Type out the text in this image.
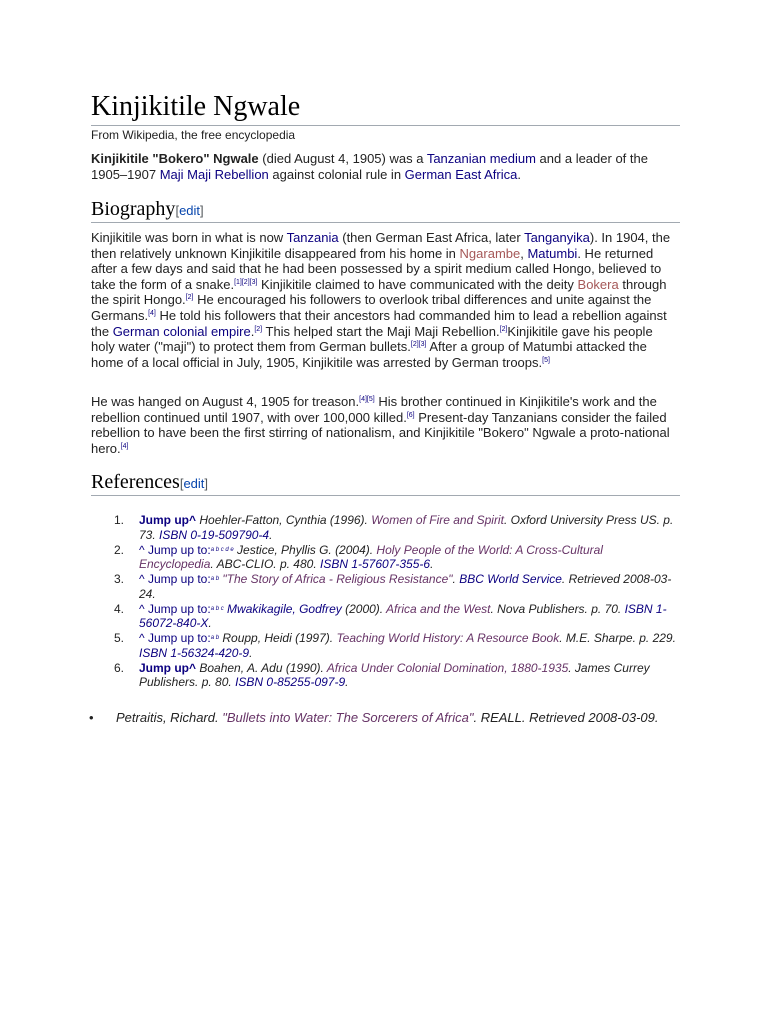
Kinjikitile Ngwale
From Wikipedia, the free encyclopedia

Kinjikitile "Bokero" Ngwale (died August 4, 1905) was a Tanzanian medium and a leader of the 1905–1907 Maji Maji Rebellion against colonial rule in German East Africa.

Biography[edit]

Kinjikitile was born in what is now Tanzania (then German East Africa, later Tanganyika). In 1904, the then relatively unknown Kinjikitile disappeared from his home in Ngarambe, Matumbi. He returned after a few days and said that he had been possessed by a spirit medium called Hongo, believed to take the form of a snake.[1][2][3] Kinjikitile claimed to have communicated with the deity Bokera through the spirit Hongo.[2] He encouraged his followers to overlook tribal differences and unite against the Germans.[4] He told his followers that their ancestors had commanded him to lead a rebellion against the German colonial empire.[2] This helped start the Maji Maji Rebellion.[2]Kinjikitile gave his people holy water ("maji") to protect them from German bullets.[2][3] After a group of Matumbi attacked the home of a local official in July, 1905, Kinjikitile was arrested by German troops.[5]

He was hanged on August 4, 1905 for treason.[4][5] His brother continued in Kinjikitile's work and the rebellion continued until 1907, with over 100,000 killed.[6] Present-day Tanzanians consider the failed rebellion to have been the first stirring of nationalism, and Kinjikitile "Bokero" Ngwale a proto-national hero.[4]

References[edit]
1.	Jump up^ Hoehler-Fatton, Cynthia (1996). Women of Fire and Spirit. Oxford University Press US. p. 73. ISBN 0-19-509790-4.
2.	^ Jump up to:$^{a b c d e}$ Jestice, Phyllis G. (2004). Holy People of the World: A Cross-Cultural Encyclopedia. ABC-CLIO. p. 480. ISBN 1-57607-355-6.
3.	^ Jump up to:$^{a b}$ "The Story of Africa - Religious Resistance". BBC World Service. Retrieved 2008-03-24.
4.	^ Jump up to:$^{a b c}$ Mwakikagile, Godfrey (2000). Africa and the West. Nova Publishers. p. 70. ISBN 1-56072-840-X.
5.	^ Jump up to:$^{a b}$ Roupp, Heidi (1997). Teaching World History: A Resource Book. M.E. Sharpe. p. 229. ISBN 1-56324-420-9.
6.	Jump up^ Boahen, A. Adu (1990). Africa Under Colonial Domination, 1880-1935. James Currey Publishers. p. 80. ISBN 0-85255-097-9.
• Petraitis, Richard. "Bullets into Water: The Sorcerers of Africa". REALL. Retrieved 2008-03-09.
